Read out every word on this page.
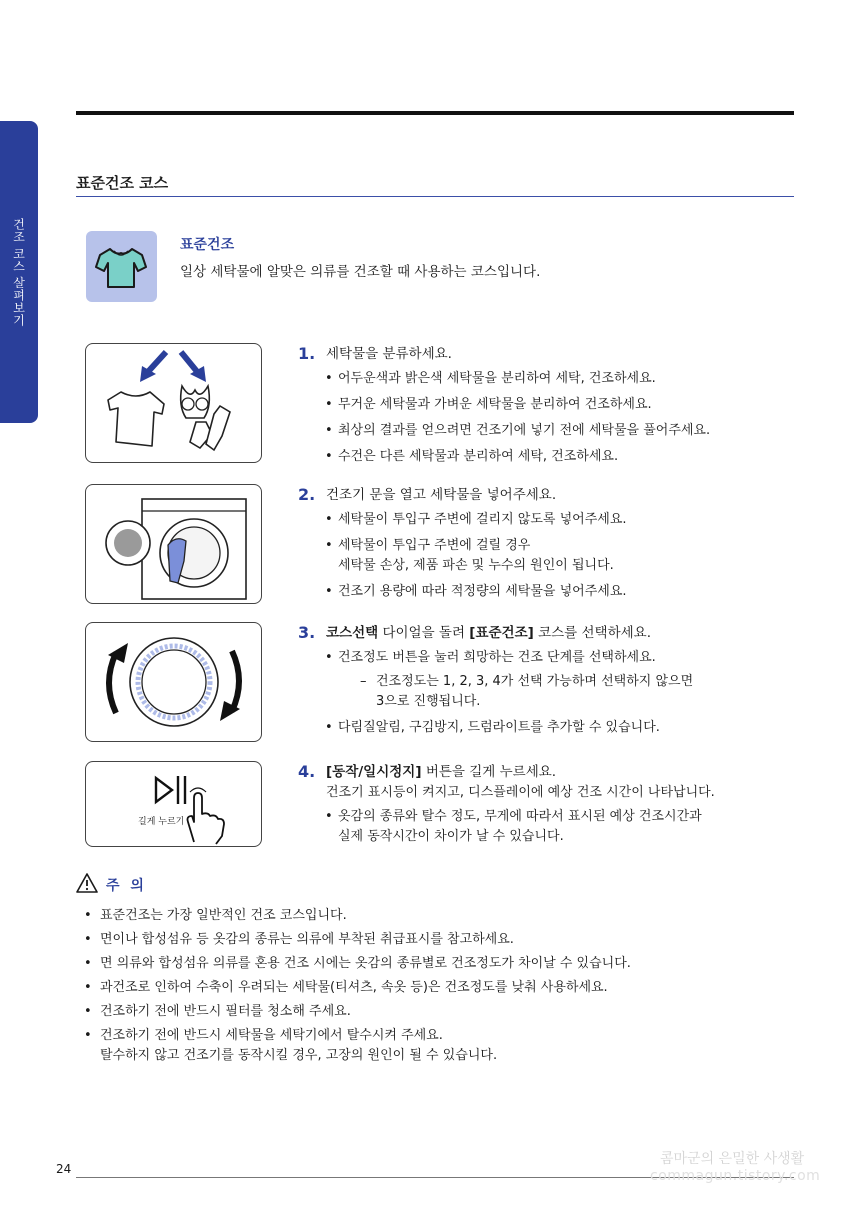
건조 코스 살펴보기
표준건조 코스
표준건조
일상 세탁물에 알맞은 의류를 건조할 때 사용하는 코스입니다.
1. 세탁물을 분류하세요.
• 어두운색과 밝은색 세탁물을 분리하여 세탁, 건조하세요.
• 무거운 세탁물과 가벼운 세탁물을 분리하여 건조하세요.
• 최상의 결과를 얻으려면 건조기에 넣기 전에 세탁물을 풀어주세요.
• 수건은 다른 세탁물과 분리하여 세탁, 건조하세요.
2. 건조기 문을 열고 세탁물을 넣어주세요.
• 세탁물이 투입구 주변에 걸리지 않도록 넣어주세요.
• 세탁물이 투입구 주변에 걸릴 경우
세탁물 손상, 제품 파손 및 누수의 원인이 됩니다.
• 건조기 용량에 따라 적정량의 세탁물을 넣어주세요.
3. 코스선택 다이얼을 돌려 [표준건조] 코스를 선택하세요.
• 건조정도 버튼을 눌러 희망하는 건조 단계를 선택하세요.
– 건조정도는 1, 2, 3, 4가 선택 가능하며 선택하지 않으면
3으로 진행됩니다.
• 다림질알림, 구김방지, 드럼라이트를 추가할 수 있습니다.
길게 누르기
4. [동작/일시정지] 버튼을 길게 누르세요.
건조기 표시등이 켜지고, 디스플레이에 예상 건조 시간이 나타납니다.
• 옷감의 종류와 탈수 정도, 무게에 따라서 표시된 예상 건조시간과
실제 동작시간이 차이가 날 수 있습니다.
주 의
• 표준건조는 가장 일반적인 건조 코스입니다.
• 면이나 합성섬유 등 옷감의 종류는 의류에 부착된 취급표시를 참고하세요.
• 면 의류와 합성섬유 의류를 혼용 건조 시에는 옷감의 종류별로 건조정도가 차이날 수 있습니다.
• 과건조로 인하여 수축이 우려되는 세탁물(티셔츠, 속옷 등)은 건조정도를 낮춰 사용하세요.
• 건조하기 전에 반드시 필터를 청소해 주세요.
• 건조하기 전에 반드시 세탁물을 세탁기에서 탈수시켜 주세요.
탈수하지 않고 건조기를 동작시킬 경우, 고장의 원인이 될 수 있습니다.
24
콤마군의 은밀한 사생활
commagun.tistory.com
